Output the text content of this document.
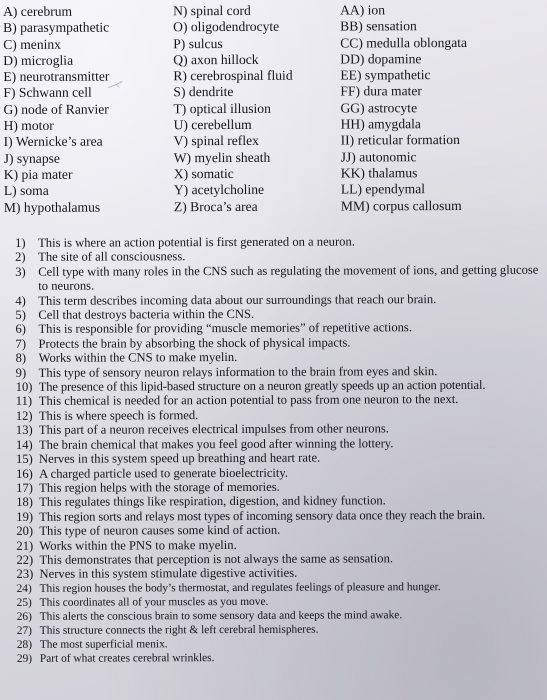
A) cerebrum
B) parasympathetic
C) meninx
D) microglia
E) neurotransmitter
F) Schwann cell
G) node of Ranvier
H) motor
I) Wernicke’s area
J) synapse
K) pia mater
L) soma
M) hypothalamus
N) spinal cord
O) oligodendrocyte
P) sulcus
Q) axon hillock
R) cerebrospinal fluid
S) dendrite
T) optical illusion
U) cerebellum
V) spinal reflex
W) myelin sheath
X) somatic
Y) acetylcholine
Z) Broca’s area
AA) ion
BB) sensation
CC) medulla oblongata
DD) dopamine
EE) sympathetic
FF) dura mater
GG) astrocyte
HH) amygdala
II) reticular formation
JJ) autonomic
KK) thalamus
LL) ependymal
MM) corpus callosum
1) This is where an action potential is first generated on a neuron.
2) The site of all consciousness.
3) Cell type with many roles in the CNS such as regulating the movement of ions, and getting glucose to neurons.
4) This term describes incoming data about our surroundings that reach our brain.
5) Cell that destroys bacteria within the CNS.
6) This is responsible for providing “muscle memories” of repetitive actions.
7) Protects the brain by absorbing the shock of physical impacts.
8) Works within the CNS to make myelin.
9) This type of sensory neuron relays information to the brain from eyes and skin.
10) The presence of this lipid-based structure on a neuron greatly speeds up an action potential.
11) This chemical is needed for an action potential to pass from one neuron to the next.
12) This is where speech is formed.
13) This part of a neuron receives electrical impulses from other neurons.
14) The brain chemical that makes you feel good after winning the lottery.
15) Nerves in this system speed up breathing and heart rate.
16) A charged particle used to generate bioelectricity.
17) This region helps with the storage of memories.
18) This regulates things like respiration, digestion, and kidney function.
19) This region sorts and relays most types of incoming sensory data once they reach the brain.
20) This type of neuron causes some kind of action.
21) Works within the PNS to make myelin.
22) This demonstrates that perception is not always the same as sensation.
23) Nerves in this system stimulate digestive activities.
24) This region houses the body’s thermostat, and regulates feelings of pleasure and hunger.
25) This coordinates all of your muscles as you move.
26) This alerts the conscious brain to some sensory data and keeps the mind awake.
27) This structure connects the right & left cerebral hemispheres.
28) The most superficial menix.
29) Part of what creates cerebral wrinkles.
